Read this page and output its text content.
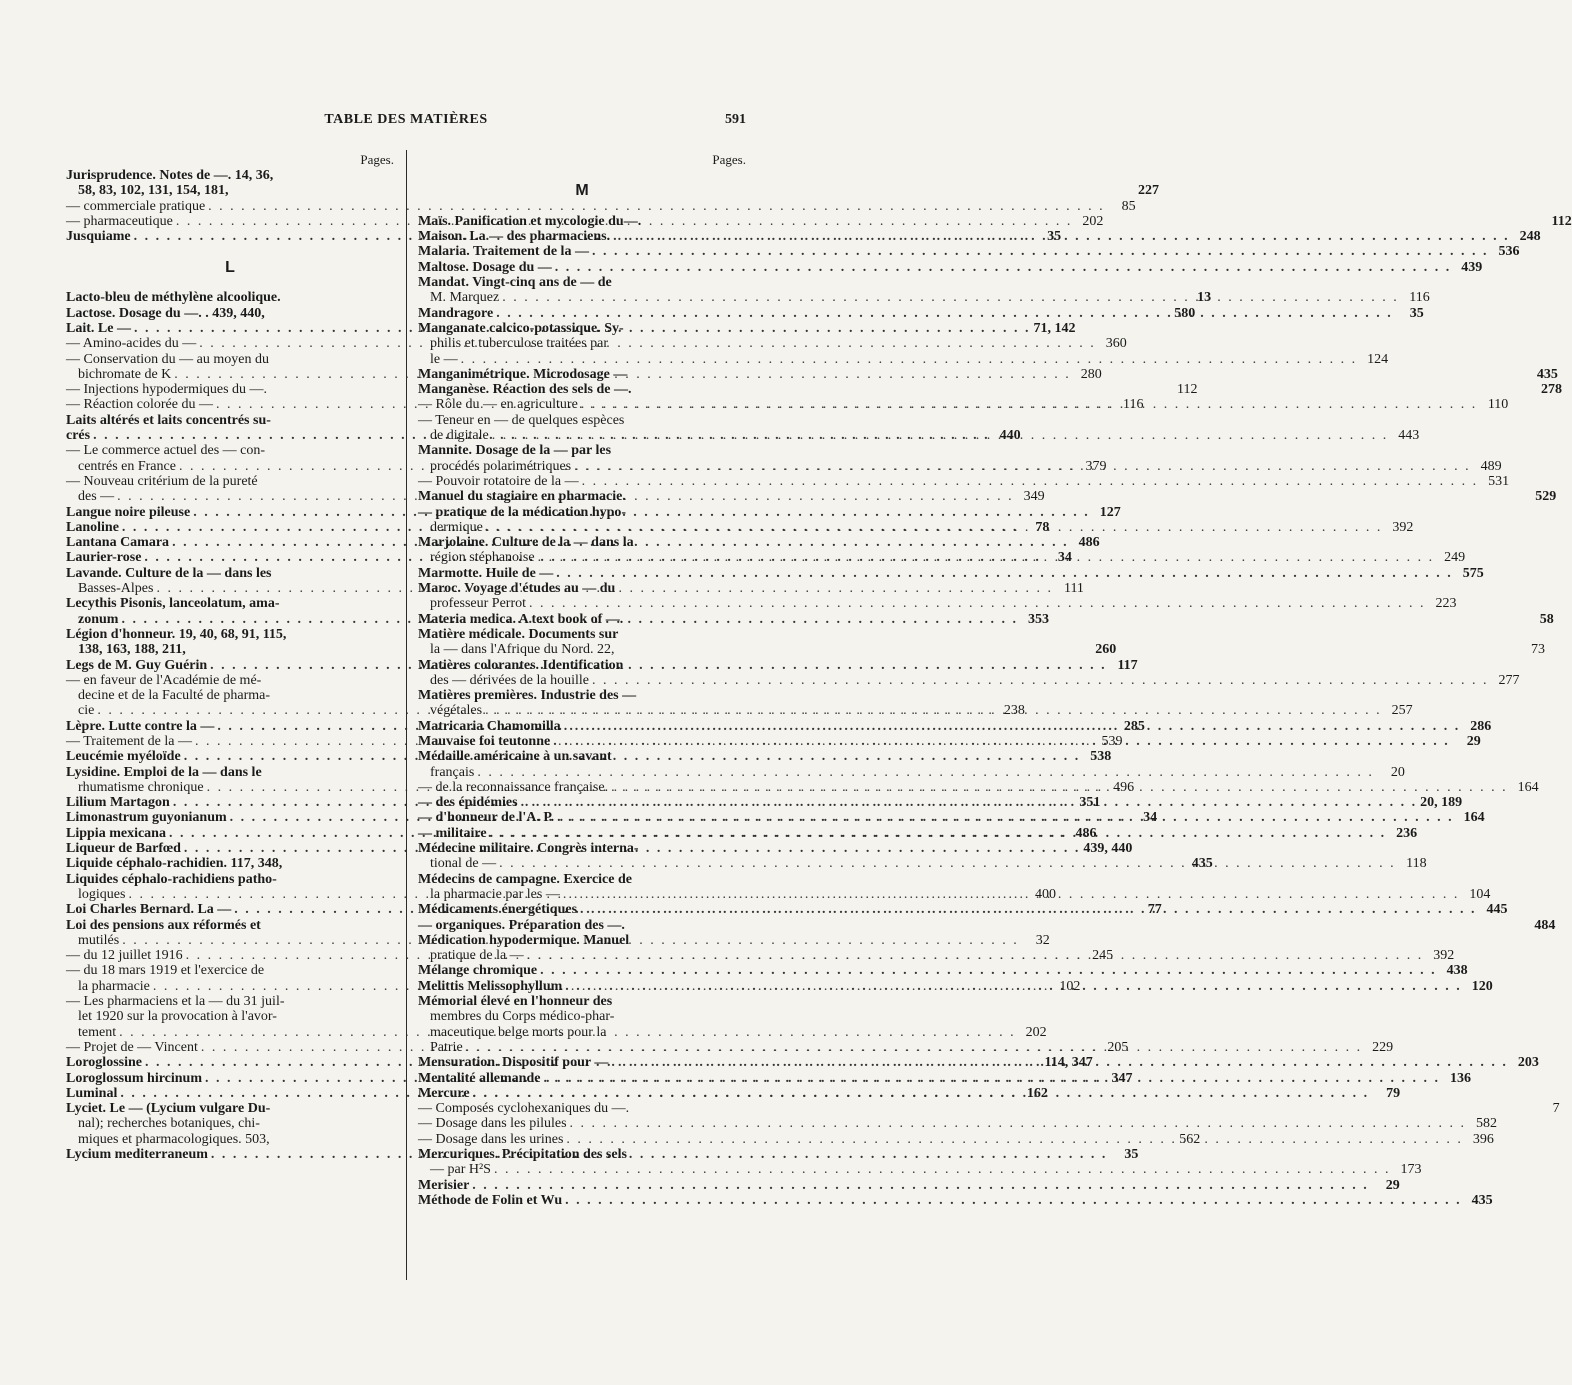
TABLE DES MATIÈRES	591
Pages.
Jurisprudence. Notes de —. 14, 36,
58, 83, 102, 131, 154, 181,	227
— commerciale pratique . . .	85
— pharmaceutique . . .	202
Jusquiame . . .	35
L
Lacto-bleu de méthylène alcoolique.	13
Lactose. Dosage du —. . 439, 440,	580
Lait. Le — . . .	71, 142
— Amino-acides du — . . .	360
— Conservation du — au moyen du
bichromate de K . . .	280
— Injections hypodermiques du —.	112
— Réaction colorée du — . . .	116
Laits altérés et laits concentrés su-
crés . . .	440
— Le commerce actuel des — con-
centrés en France . . .	379
— Nouveau critérium de la pureté
des — . . .	349
Langue noire pileuse . . .	127
Lanoline . . .	78
Lantana Camara . . .	486
Laurier-rose . . .	34
Lavande. Culture de la — dans les
Basses-Alpes . . .	111
Lecythis Pisonis, lanceolatum, ama-
zonum . . .	353
Légion d'honneur. 19, 40, 68, 91, 115,
138, 163, 188, 211,	260
Legs de M. Guy Guérin . . .	117
— en faveur de l'Académie de mé-
decine et de la Faculté de pharma-
cie . . .	238
Lèpre. Lutte contre la — . . .	285
— Traitement de la — . . .	539
Leucémie myéloïde . . .	538
Lysidine. Emploi de la — dans le
rhumatisme chronique . . .	496
Lilium Martagon . . .	351
Limonastrum guyonianum . . .	34
Lippia mexicana . . .	486
Liqueur de Barfœd . . .	439, 440
Liquide céphalo-rachidien. 117, 348,	435
Liquides céphalo-rachidiens patho-
logiques . . .	400
Loi Charles Bernard. La — . . .	77
Loi des pensions aux réformés et
mutilés . . .	32
— du 12 juillet 1916 . . .	245
— du 18 mars 1919 et l'exercice de
la pharmacie . . .	102
— Les pharmaciens et la — du 31 juil-
let 1920 sur la provocation à l'avor-
tement . . .	202
— Projet de — Vincent . . .	205
Loroglossine . . .	114, 347
Loroglossum hircinum . . .	347
Luminal . . .	162
Lyciet. Le — (Lycium vulgare Du-
nal); recherches botaniques, chi-
miques et pharmacologiques. 503,	562
Lycium mediterraneum . . .	35
Pages.
M
Maïs. Panification et mycologie du—.	112
Maison. La — des pharmaciens. . . .	248
Malaria. Traitement de la — . . .	536
Maltose. Dosage du — . . .	439
Mandat. Vingt-cinq ans de — de
M. Marquez . . .	116
Mandragore . . .	35
Manganate calcico-potassique. Sy-
philis et tuberculose traitées par
le — . . .	124
Manganimétrique. Microdosage —	435
Manganèse. Réaction des sels de —.	278
— Rôle du — en agriculture . . .	110
— Teneur en — de quelques espèces
de digitale . . .	443
Mannite. Dosage de la — par les
procédés polarimétriques . . .	489
— Pouvoir rotatoire de la — . . .	531
Manuel du stagiaire en pharmacie.	529
— pratique de la médication hypo-
dermique . . .	392
Marjolaine. Culture de la — dans la
région stéphanoise . . .	249
Marmotte. Huile de — . . .	575
Maroc. Voyage d'études au — du
professeur Perrot . . .	223
Materia medica. A text book of —.	58
Matière médicale. Documents sur
la — dans l'Afrique du Nord. 22,	73
Matières colorantes. Identification
des — dérivées de la houille . . .	277
Matières premières. Industrie des —
végétales . . .	257
Matricaria Chamomilla . . .	286
Mauvaise foi teutonne . . .	29
Médaille américaine à un savant
français . . .	20
— de la reconnaissance française. . . .	164
— des épidémies . . .	20, 189
— d'honneur de l'A. P. . . .	164
— militaire . . .	236
Médecine militaire. Congrès interna-
tional de — . . .	118
Médecins de campagne. Exercice de
la pharmacie par les — . . .	104
Médicaments énergétiques . . .	445
— organiques. Préparation des —.	484
Médication hypodermique. Manuel
pratique de la — . . .	392
Mélange chromique . . .	438
Melittis Melissophyllum . . .	120
Mémorial élevé en l'honneur des
membres du Corps médico-phar-
maceutique belge morts pour la
Patrie . . .	229
Mensuration. Dispositif pour — . . .	203
Mentalité allemande . . .	136
Mercure . . .	79
— Composés cyclohexaniques du —.	7
— Dosage dans les pilules . . .	582
— Dosage dans les urines . . .	396
Mercuriques. Précipitation des sels
— par H²S . . .	173
Merisier . . .	29
Méthode de Folin et Wu . . .	435
